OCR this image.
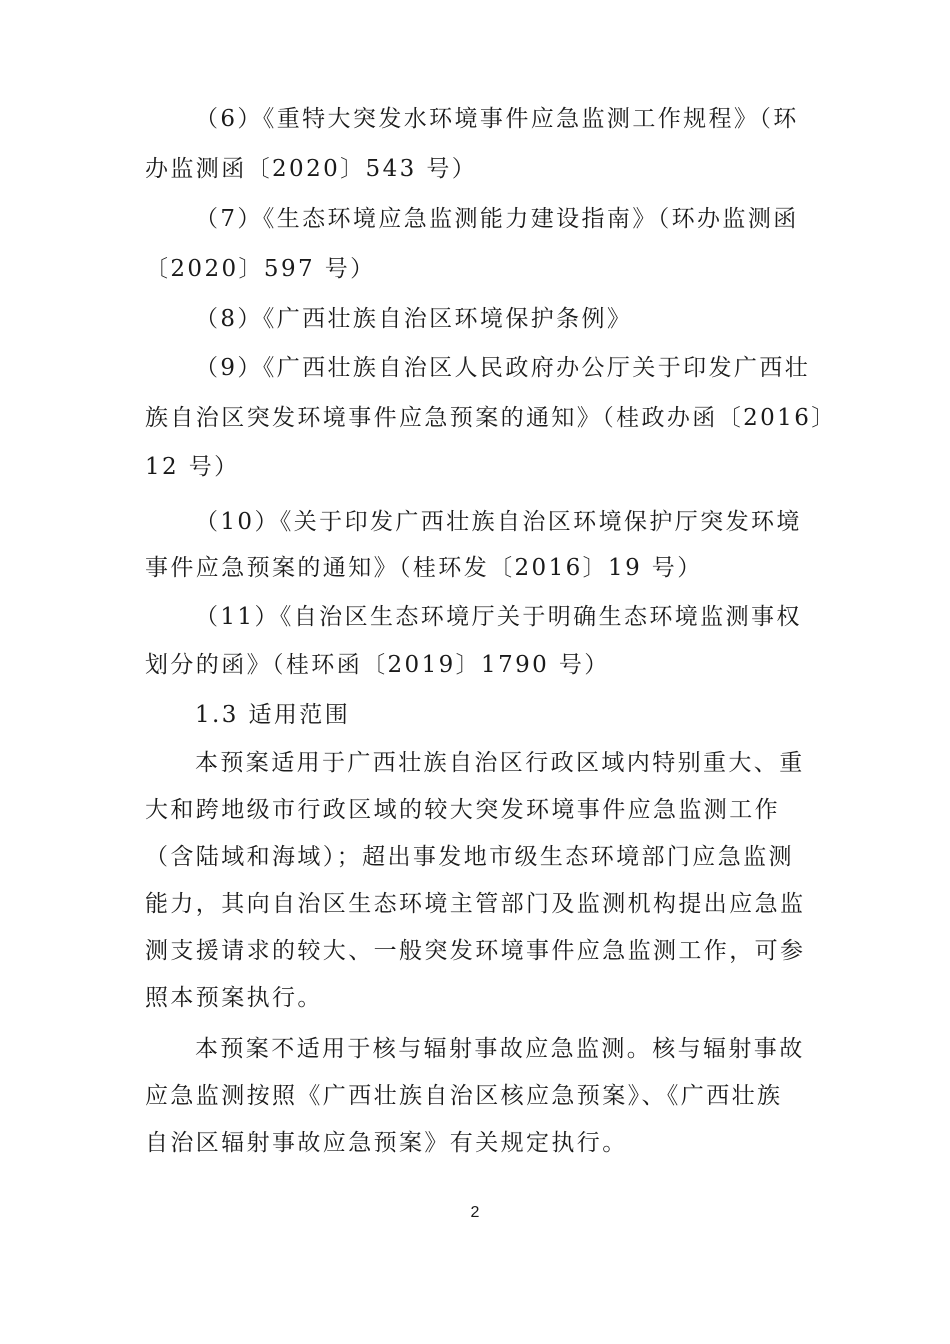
（6）《重特大突发水环境事件应急监测工作规程》（环
办监测函〔2020〕543 号）
（7）《生态环境应急监测能力建设指南》（环办监测函
〔2020〕597 号）
（8）《广西壮族自治区环境保护条例》
（9）《广西壮族自治区人民政府办公厅关于印发广西壮
族自治区突发环境事件应急预案的通知》（桂政办函〔2016〕
12 号）
（10）《关于印发广西壮族自治区环境保护厅突发环境
事件应急预案的通知》（桂环发〔2016〕19 号）
（11）《自治区生态环境厅关于明确生态环境监测事权
划分的函》（桂环函〔2019〕1790 号）
1.3 适用范围
本预案适用于广西壮族自治区行政区域内特别重大、重
大和跨地级市行政区域的较大突发环境事件应急监测工作
（含陆域和海域）；超出事发地市级生态环境部门应急监测
能力，其向自治区生态环境主管部门及监测机构提出应急监
测支援请求的较大、一般突发环境事件应急监测工作，可参
照本预案执行。
本预案不适用于核与辐射事故应急监测。核与辐射事故
应急监测按照《广西壮族自治区核应急预案》、《广西壮族
自治区辐射事故应急预案》有关规定执行。
2
